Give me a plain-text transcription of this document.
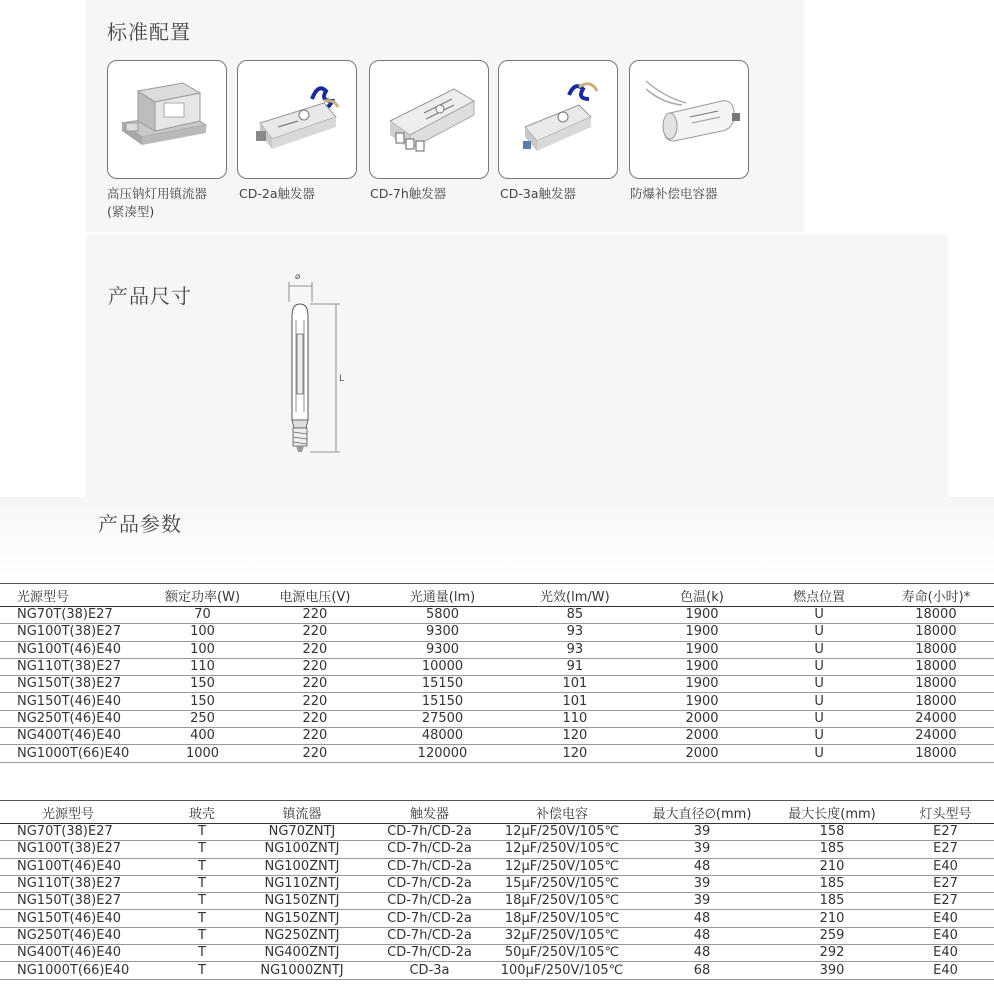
标准配置
高压钠灯用镇流器
(紧凑型)
CD-2a触发器	CD-7h触发器	CD-3a触发器	防爆补偿电容器
产品尺寸
⌀
L
产品参数
光源型号	额定功率(W)	电源电压(V)	光通量(lm)	光效(lm/W)	色温(k)	燃点位置	寿命(小时)*
NG70T(38)E27	70	220	5800	85	1900	U	18000
NG100T(38)E27	100	220	9300	93	1900	U	18000
NG100T(46)E40	100	220	9300	93	1900	U	18000
NG110T(38)E27	110	220	10000	91	1900	U	18000
NG150T(38)E27	150	220	15150	101	1900	U	18000
NG150T(46)E40	150	220	15150	101	1900	U	18000
NG250T(46)E40	250	220	27500	110	2000	U	24000
NG400T(46)E40	400	220	48000	120	2000	U	24000
NG1000T(66)E40	1000	220	120000	120	2000	U	18000
光源型号	玻壳	镇流器	触发器	补偿电容	最大直径∅(mm)	最大长度(mm)	灯头型号
NG70T(38)E27	T	NG70ZNTJ	CD-7h/CD-2a	12μF/250V/105℃	39	158	E27
NG100T(38)E27	T	NG100ZNTJ	CD-7h/CD-2a	12μF/250V/105℃	39	185	E27
NG100T(46)E40	T	NG100ZNTJ	CD-7h/CD-2a	12μF/250V/105℃	48	210	E40
NG110T(38)E27	T	NG110ZNTJ	CD-7h/CD-2a	15μF/250V/105℃	39	185	E27
NG150T(38)E27	T	NG150ZNTJ	CD-7h/CD-2a	18μF/250V/105℃	39	185	E27
NG150T(46)E40	T	NG150ZNTJ	CD-7h/CD-2a	18μF/250V/105℃	48	210	E40
NG250T(46)E40	T	NG250ZNTJ	CD-7h/CD-2a	32μF/250V/105℃	48	259	E40
NG400T(46)E40	T	NG400ZNTJ	CD-7h/CD-2a	50μF/250V/105℃	48	292	E40
NG1000T(66)E40	T	NG1000ZNTJ	CD-3a	100μF/250V/105℃	68	390	E40
